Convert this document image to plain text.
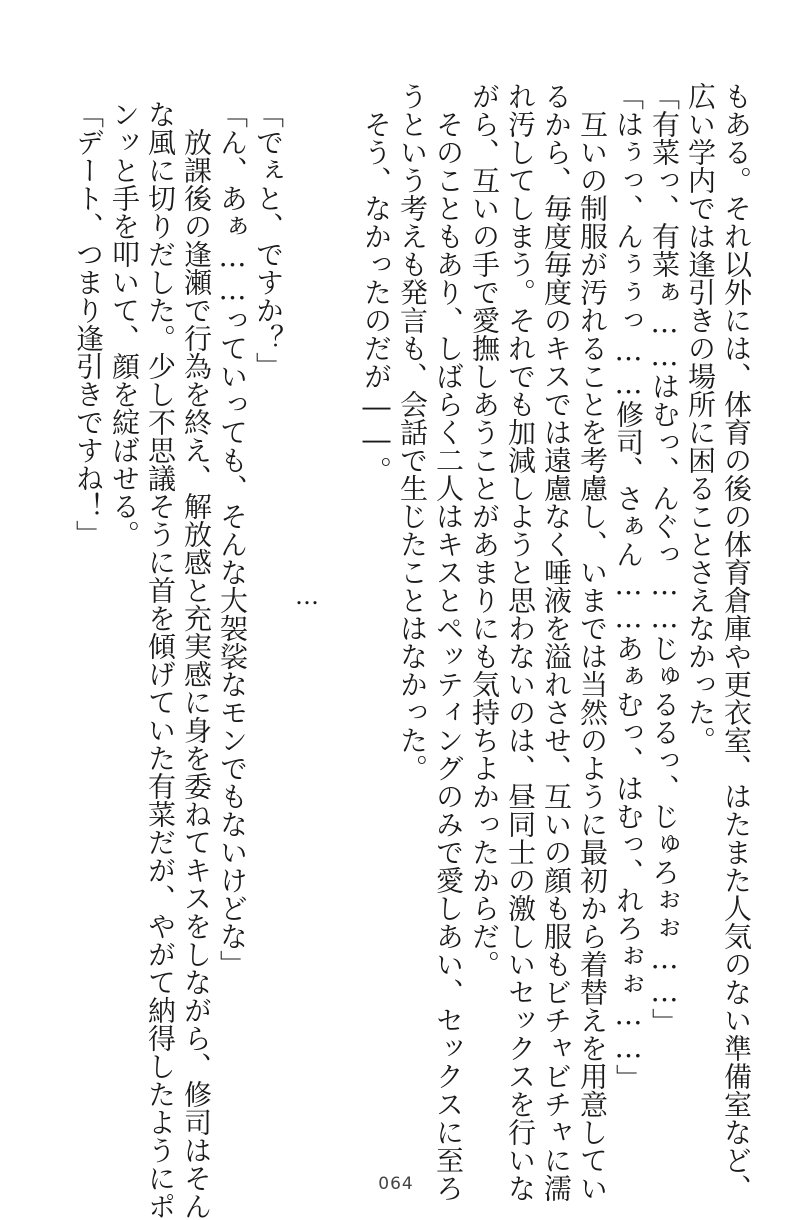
もある。それ以外には、体育の後の体育倉庫や更衣室、はたまた人気のない準備室など、
広い学内では逢引きの場所に困ることさえなかった。
「有菜っ、有菜ぁ……はむっ、んぐっ……じゅるるっ、じゅろぉぉ……」
「はぅっ、んぅぅっ……修司、さぁん……あぁむっ、はむっ、れろぉぉ……」
　互いの制服が汚れることを考慮し、いまでは当然のように最初から着替えを用意してい
るから、毎度毎度のキスでは遠慮なく唾液を溢れさせ、互いの顔も服もビチャビチャに濡
れ汚してしまう。それでも加減しようと思わないのは、昼同士の激しいセックスを行いな
がら、互いの手で愛撫しあうことがあまりにも気持ちよかったからだ。
　そのこともあり、しばらく二人はキスとペッティングのみで愛しあい、セックスに至ろ
うという考えも発言も、会話で生じたことはなかった。
　そう、なかったのだが――。
…
「でぇと、ですか？」
「ん、あぁ……っていっても、そんな大袈裟なモンでもないけどな」
　放課後の逢瀬で行為を終え、解放感と充実感に身を委ねてキスをしながら、修司はそん
な風に切りだした。少し不思議そうに首を傾げていた有菜だが、やがて納得したようにポ
ンッと手を叩いて、顔を綻ばせる。
「デート、つまり逢引きですね！」
064
